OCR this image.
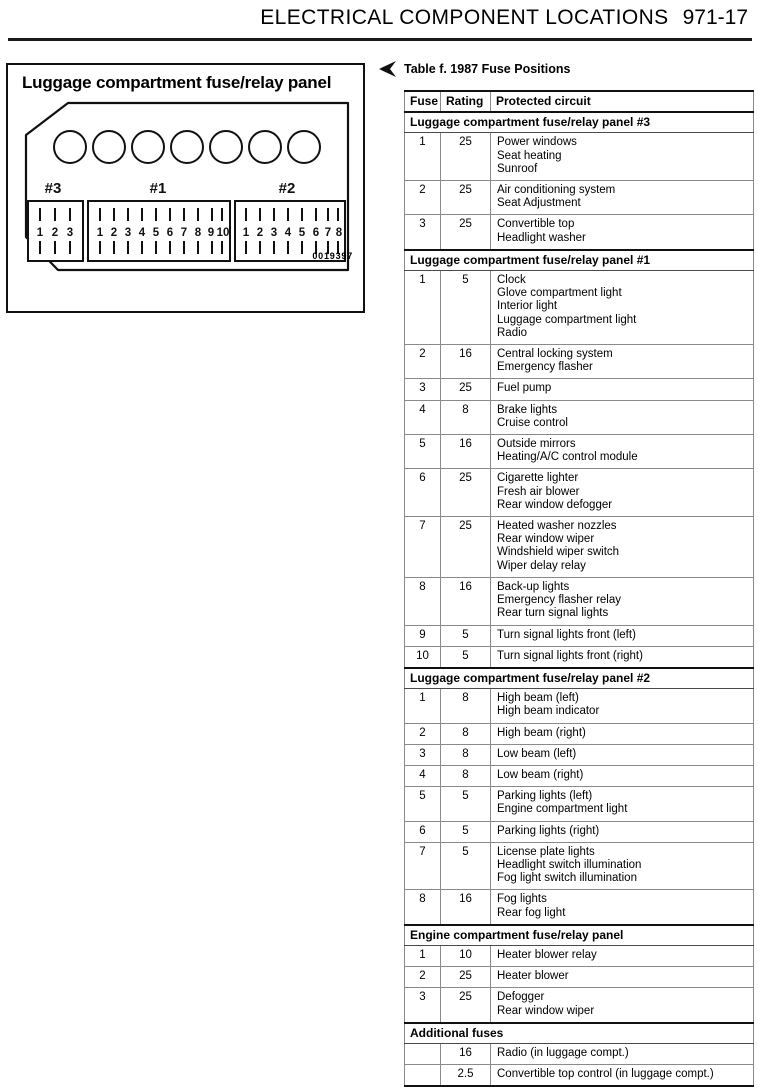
ELECTRICAL COMPONENT LOCATIONS 971-17
Luggage compartment fuse/relay panel
#3
1 2 3
#1
1 2 3 4 5 6 7 8 9 10
#2
1 2 3 4 5 6 7 8
0019397
Table f. 1987 Fuse Positions
Fuse	Rating	Protected circuit
Luggage compartment fuse/relay panel #3		
1	25	Power windows
Seat heating
Sunroof

2	25	Air conditioning system
Seat Adjustment

3	25	Convertible top
Headlight washer

Luggage compartment fuse/relay panel #1		
1	5	Clock
Glove compartment light
Interior light
Luggage compartment light
Radio

2	16	Central locking system
Emergency flasher

3	25	Fuel pump

4	8	Brake lights
Cruise control

5	16	Outside mirrors
Heating/A/C control module

6	25	Cigarette lighter
Fresh air blower
Rear window defogger

7	25	Heated washer nozzles
Rear window wiper
Windshield wiper switch
Wiper delay relay

8	16	Back-up lights
Emergency flasher relay
Rear turn signal lights

9	5	Turn signal lights front (left)

10	5	Turn signal lights front (right)

Luggage compartment fuse/relay panel #2		
1	8	High beam (left)
High beam indicator

2	8	High beam (right)

3	8	Low beam (left)

4	8	Low beam (right)

5	5	Parking lights (left)
Engine compartment light

6	5	Parking lights (right)

7	5	License plate lights
Headlight switch illumination
Fog light switch illumination

8	16	Fog lights
Rear fog light

Engine compartment fuse/relay panel		
1	10	Heater blower relay

2	25	Heater blower

3	25	Defogger
Rear window wiper

Additional fuses		
	16	Radio (in luggage compt.)

	2.5	Convertible top control (in luggage compt.)
